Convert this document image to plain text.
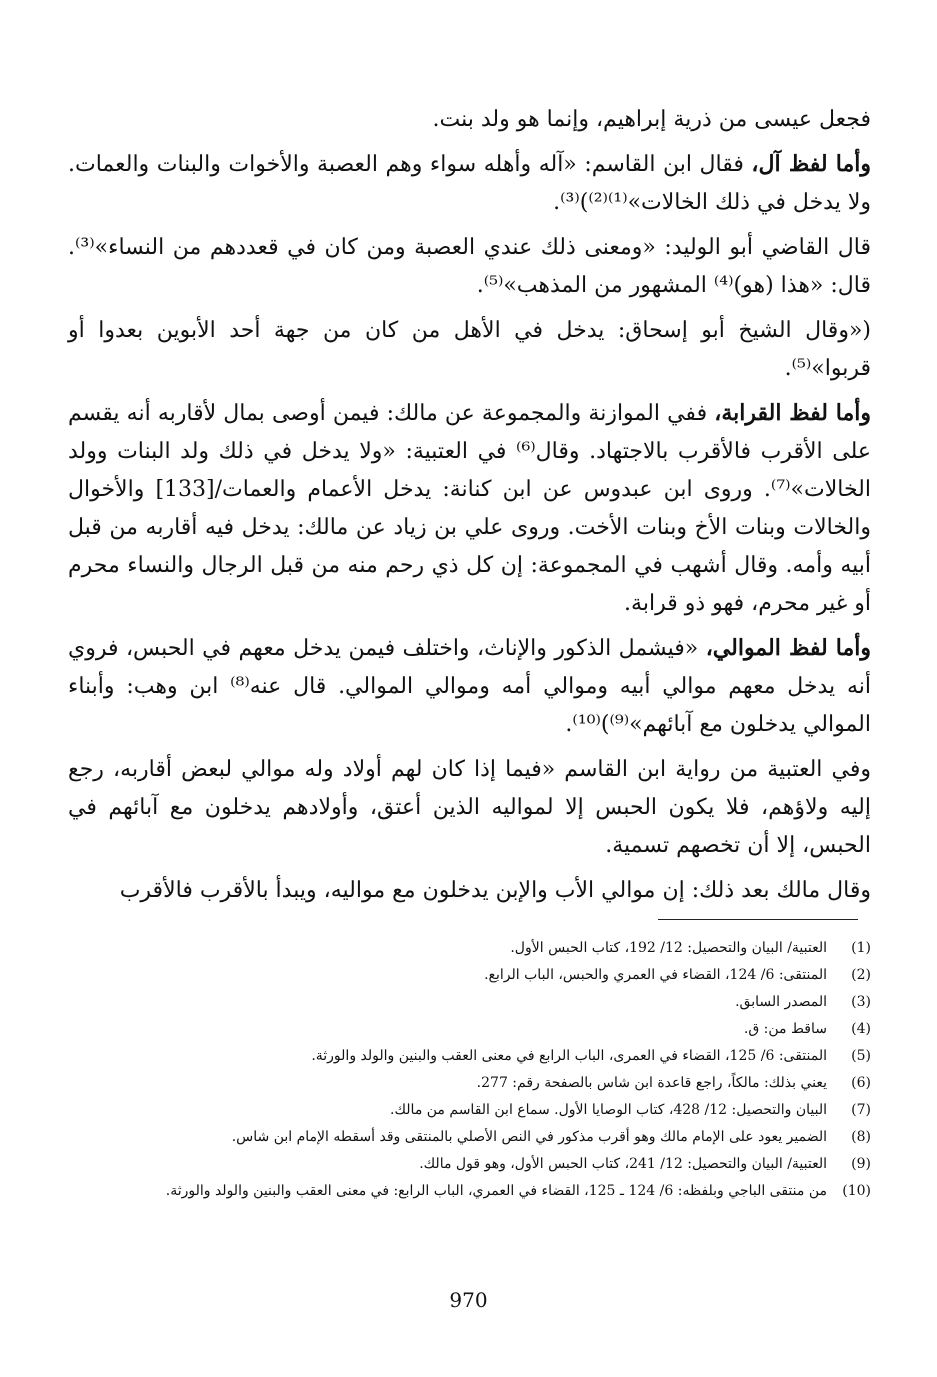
فجعل عيسى من ذرية إبراهيم، وإنما هو ولد بنت.

وأما لفظ آل، فقال ابن القاسم: «آله وأهله سواء وهم العصبة والأخوات والبنات والعمات. ولا يدخل في ذلك الخالات»⁽¹⁾⁽²⁾)⁽³⁾.

قال القاضي أبو الوليد: «ومعنى ذلك عندي العصبة ومن كان في قعددهم من النساء»⁽³⁾. قال: «هذا (هو)⁽⁴⁾ المشهور من المذهب»⁽⁵⁾.

(«وقال الشيخ أبو إسحاق: يدخل في الأهل من كان من جهة أحد الأبوين بعدوا أو قربوا»⁽⁵⁾.

وأما لفظ القرابة، ففي الموازنة والمجموعة عن مالك: فيمن أوصى بمال لأقاربه أنه يقسم على الأقرب فالأقرب بالاجتهاد. وقال⁽⁶⁾ في العتبية: «ولا يدخل في ذلك ولد البنات وولد الخالات»⁽⁷⁾. وروى ابن عبدوس عن ابن كنانة: يدخل الأعمام والعمات/[133] والأخوال والخالات وبنات الأخ وبنات الأخت. وروى علي بن زياد عن مالك: يدخل فيه أقاربه من قبل أبيه وأمه. وقال أشهب في المجموعة: إن كل ذي رحم منه من قبل الرجال والنساء محرم أو غير محرم، فهو ذو قرابة.

وأما لفظ الموالي، «فيشمل الذكور والإناث، واختلف فيمن يدخل معهم في الحبس، فروي أنه يدخل معهم موالي أبيه وموالي أمه وموالي الموالي. قال عنه⁽⁸⁾ ابن وهب: وأبناء الموالي يدخلون مع آبائهم»⁽⁹⁾)⁽¹⁰⁾.

وفي العتبية من رواية ابن القاسم «فيما إذا كان لهم أولاد وله موالي لبعض أقاربه، رجع إليه ولاؤهم، فلا يكون الحبس إلا لمواليه الذين أعتق، وأولادهم يدخلون مع آبائهم في الحبس، إلا أن تخصهم تسمية.

وقال مالك بعد ذلك: إن موالي الأب والإبن يدخلون مع مواليه، ويبدأ بالأقرب فالأقرب

(1)
العتبية/ البيان والتحصيل: 12/ 192، كتاب الحبس الأول.
(2)
المنتقى: 6/ 124، القضاء في العمري والحبس، الباب الرابع.
(3)
المصدر السابق.
(4)
ساقط من: ق.
(5)
المنتقى: 6/ 125، القضاء في العمرى، الباب الرابع في معنى العقب والبنين والولد والورثة.
(6)
يعني بذلك: مالكاً، راجع قاعدة ابن شاس بالصفحة رقم: 277.
(7)
البيان والتحصيل: 12/ 428، كتاب الوصايا الأول. سماع ابن القاسم من مالك.
(8)
الضمير يعود على الإمام مالك وهو أقرب مذكور في النص الأصلي بالمنتقى وقد أسقطه الإمام ابن شاس.
(9)
العتبية/ البيان والتحصيل: 12/ 241، كتاب الحبس الأول، وهو قول مالك.
(10)
من منتقى الباجي وبلفظه: 6/ 124 ـ 125، القضاء في العمري، الباب الرابع: في معنى العقب والبنين والولد والورثة.
970
